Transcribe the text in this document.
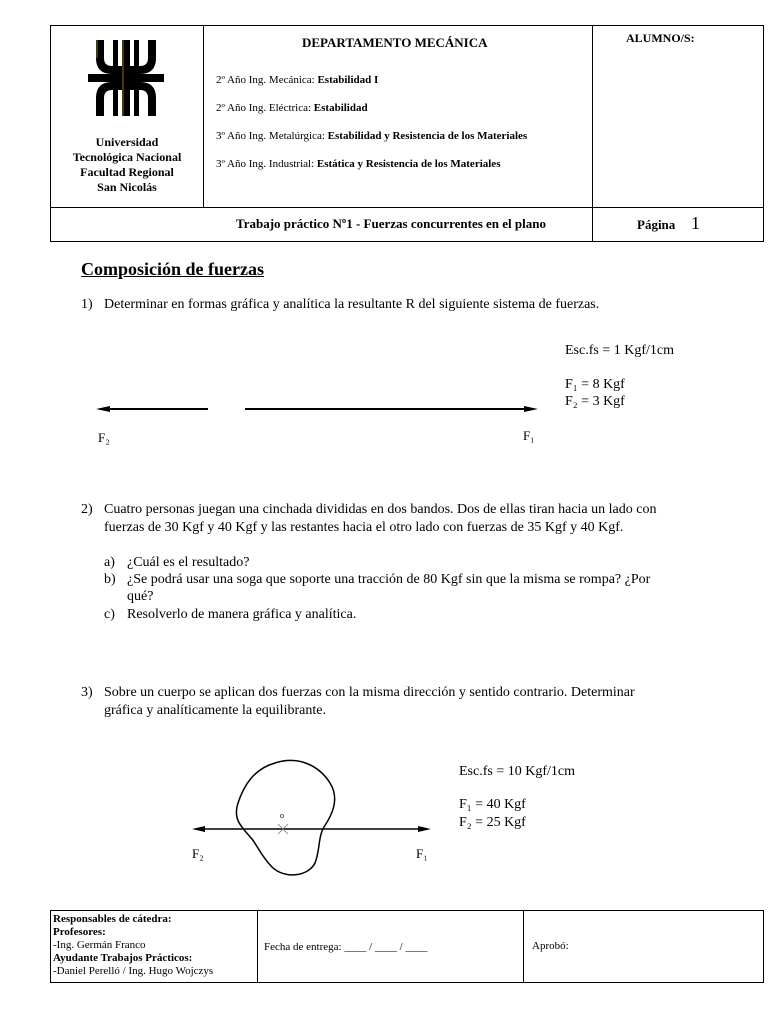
Universidad
Tecnológica Nacional
Facultad Regional
San Nicolás
DEPARTAMENTO MECÁNICA
2º Año Ing. Mecánica: Estabilidad I
2º Año Ing. Eléctrica: Estabilidad
3º Año Ing. Metalúrgica: Estabilidad y Resistencia de los Materiales
3º Año Ing. Industrial: Estática y Resistencia de los Materiales
ALUMNO/S:
Trabajo práctico Nº1 - Fuerzas concurrentes en el plano	Página 1
Composición de fuerzas
1) Determinar en formas gráfica y analítica la resultante R del siguiente sistema de fuerzas.
Esc.fs = 1 Kgf/1cm
F₁ = 8 Kgf
F₂ = 3 Kgf
F₂	F₁
2) Cuatro personas juegan una cinchada divididas en dos bandos. Dos de ellas tiran hacia un lado con
fuerzas de 30 Kgf y 40 Kgf y las restantes hacia el otro lado con fuerzas de 35 Kgf y 40 Kgf.
a) ¿Cuál es el resultado?
b) ¿Se podrá usar una soga que soporte una tracción de 80 Kgf sin que la misma se rompa? ¿Por
qué?
c) Resolverlo de manera gráfica y analítica.
3) Sobre un cuerpo se aplican dos fuerzas con la misma dirección y sentido contrario. Determinar
gráfica y analíticamente la equilibrante.
Esc.fs = 10 Kgf/1cm
F₁ = 40 Kgf
F₂ = 25 Kgf
o
F₂	F₁
Responsables de cátedra:
Profesores:
-Ing. Germán Franco
Ayudante Trabajos Prácticos:
-Daniel Perelló / Ing. Hugo Wojczys
Fecha de entrega: ____ / ____ / ____	Aprobó:
